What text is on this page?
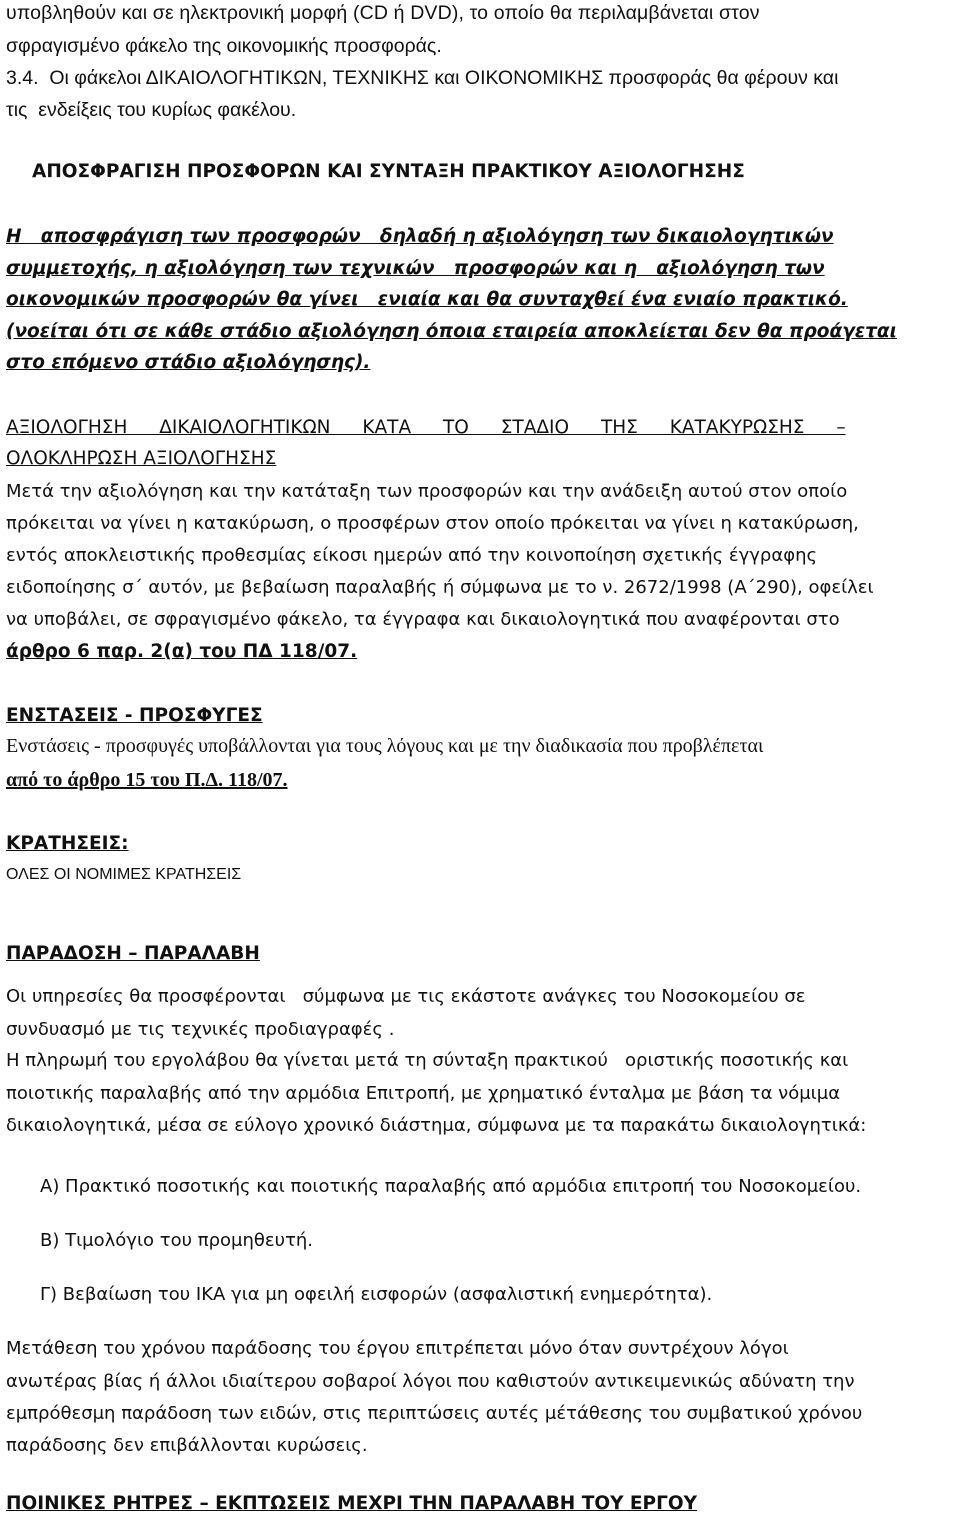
υποβληθούν και σε ηλεκτρονική μορφή (CD ή DVD), το οποίο θα περιλαμβάνεται στον
σφραγισμένο φάκελο της οικονομικής προσφοράς.
3.4.  Οι φάκελοι ΔΙΚΑΙΟΛΟΓΗΤΙΚΩΝ, ΤΕΧΝΙΚΗΣ και ΟΙΚΟΝΟΜΙΚΗΣ προσφοράς θα φέρουν και
τις  ενδείξεις του κυρίως φακέλου.
ΑΠΟΣΦΡΑΓΙΣΗ ΠΡΟΣΦΟΡΩΝ ΚΑΙ ΣΥΝΤΑΞΗ ΠΡΑΚΤΙΚΟΥ ΑΞΙΟΛΟΓΗΣΗΣ
Η   αποσφράγιση των προσφορών   δηλαδή η αξιολόγηση των δικαιολογητικών
συμμετοχής, η αξιολόγηση των τεχνικών   προσφορών και η   αξιολόγηση των
οικονομικών προσφορών θα γίνει   ενιαία και θα συνταχθεί ένα ενιαίο πρακτικό.
(νοείται ότι σε κάθε στάδιο αξιολόγηση όποια εταιρεία αποκλείεται δεν θα προάγεται
στο επόμενο στάδιο αξιολόγησης).
ΑΞΙΟΛΟΓΗΣΗ ΔΙΚΑΙΟΛΟΓΗΤΙΚΩΝ ΚΑΤΑ ΤΟ ΣΤΑΔΙΟ ΤΗΣ ΚΑΤΑΚΥΡΩΣΗΣ –
ΟΛΟΚΛΗΡΩΣΗ ΑΞΙΟΛΟΓΗΣΗΣ
Μετά την αξιολόγηση και την κατάταξη των προσφορών και την ανάδειξη αυτού στον οποίο
πρόκειται να γίνει η κατακύρωση, ο προσφέρων στον οποίο πρόκειται να γίνει η κατακύρωση,
εντός αποκλειστικής προθεσμίας είκοσι ημερών από την κοινοποίηση σχετικής έγγραφης
ειδοποίησης σ΄ αυτόν, με βεβαίωση παραλαβής ή σύμφωνα με το ν. 2672/1998 (Α΄290), οφείλει
να υποβάλει, σε σφραγισμένο φάκελο, τα έγγραφα και δικαιολογητικά που αναφέρονται στο
άρθρο 6 παρ. 2(α) του ΠΔ 118/07.
ΕΝΣΤΑΣΕΙΣ - ΠΡΟΣΦΥΓΕΣ
Ενστάσεις - προσφυγές υποβάλλονται για τους λόγους και με την διαδικασία που προβλέπεται
από το άρθρο 15 του Π.Δ. 118/07.
ΚΡΑΤΗΣΕΙΣ:
ΟΛΕΣ ΟΙ ΝΟΜΙΜΕΣ ΚΡΑΤΗΣΕΙΣ
ΠΑΡΑΔΟΣΗ – ΠΑΡΑΛΑΒΗ
Οι υπηρεσίες θα προσφέρονται   σύμφωνα με τις εκάστοτε ανάγκες του Νοσοκομείου σε
συνδυασμό με τις τεχνικές προδιαγραφές .
Η πληρωμή του εργολάβου θα γίνεται μετά τη σύνταξη πρακτικού   οριστικής ποσοτικής και
ποιοτικής παραλαβής από την αρμόδια Επιτροπή, με χρηματικό ένταλμα με βάση τα νόμιμα
δικαιολογητικά, μέσα σε εύλογο χρονικό διάστημα, σύμφωνα με τα παρακάτω δικαιολογητικά:
Α) Πρακτικό ποσοτικής και ποιοτικής παραλαβής από αρμόδια επιτροπή του Νοσοκομείου.
Β) Τιμολόγιο του προμηθευτή.
Γ) Βεβαίωση του ΙΚΑ για μη οφειλή εισφορών (ασφαλιστική ενημερότητα).
Μετάθεση του χρόνου παράδοσης του έργου επιτρέπεται μόνο όταν συντρέχουν λόγοι
ανωτέρας βίας ή άλλοι ιδιαίτερου σοβαροί λόγοι που καθιστούν αντικειμενικώς αδύνατη την
εμπρόθεσμη παράδοση των ειδών, στις περιπτώσεις αυτές μέτάθεσης του συμβατικού χρόνου
παράδοσης δεν επιβάλλονται κυρώσεις.
ΠΟΙΝΙΚΕΣ ΡΗΤΡΕΣ – ΕΚΠΤΩΣΕΙΣ ΜΕΧΡΙ ΤΗΝ ΠΑΡΑΛΑΒΗ ΤΟΥ ΕΡΓΟΥ
